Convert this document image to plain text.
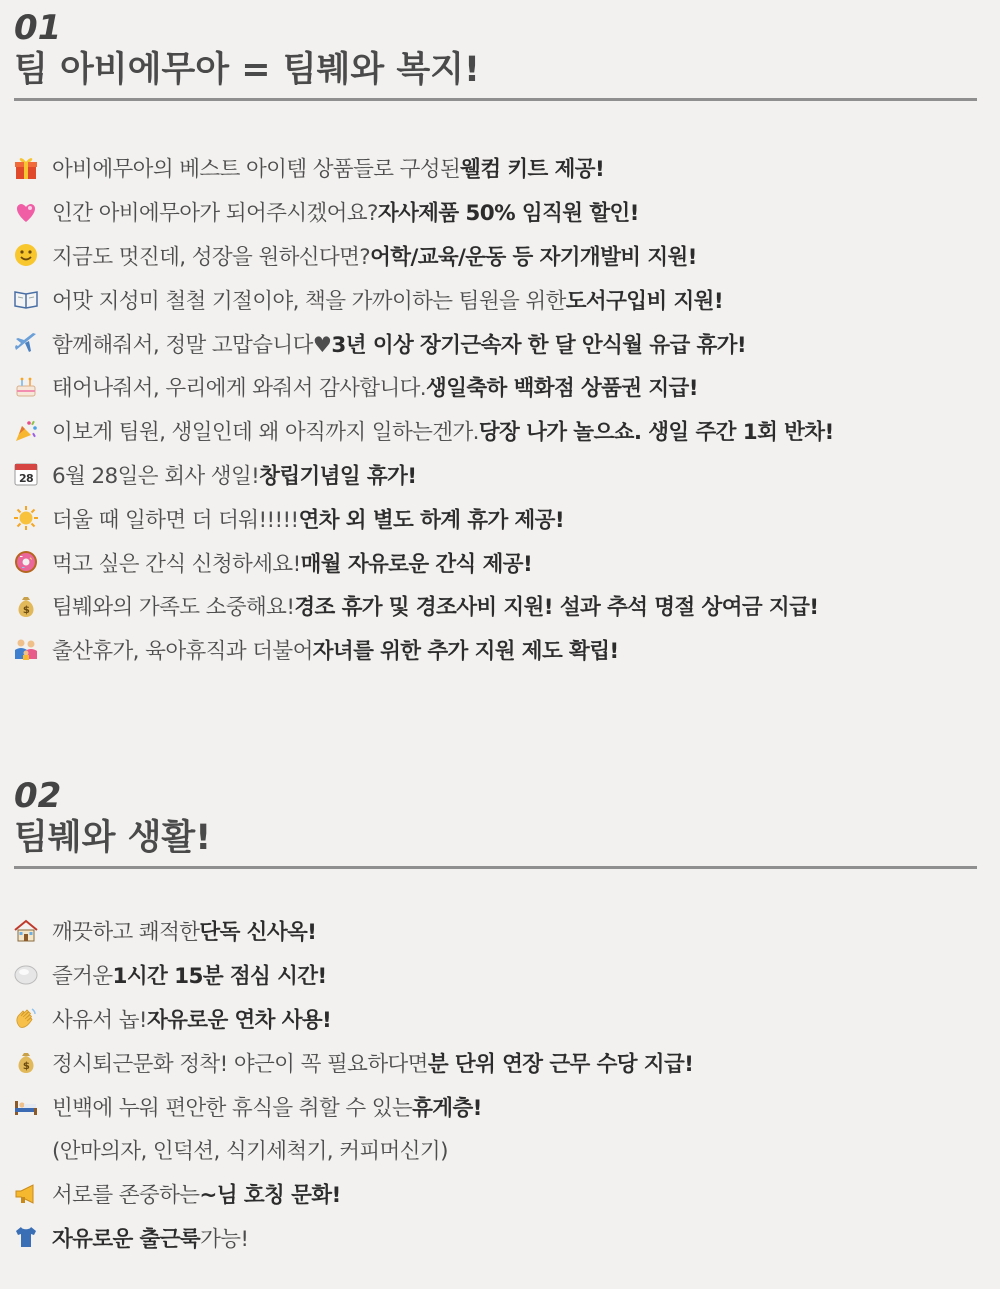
01

팀 아비에무아 = 팀붸와 복지!

아비에무아의 베스트 아이템 상품들로 구성된 웰컴 키트 제공!
인간 아비에무아가 되어주시겠어요? 자사제품 50% 임직원 할인!
지금도 멋진데, 성장을 원하신다면? 어학/교육/운동 등 자기개발비 지원!
어맛 지성미 철철 기절이야, 책을 가까이하는 팀원을 위한 도서구입비 지원!
함께해줘서, 정말 고맙습니다♥ 3년 이상 장기근속자 한 달 안식월 유급 휴가!
태어나줘서, 우리에게 와줘서 감사합니다. 생일축하 백화점 상품권 지급!
이보게 팀원, 생일인데 왜 아직까지 일하는겐가. 당장 나가 놀으쇼. 생일 주간 1회 반차!
28 6월 28일은 회사 생일! 창립기념일 휴가!
더울 때 일하면 더 더워!!!!! 연차 외 별도 하계 휴가 제공!
먹고 싶은 간식 신청하세요! 매월 자유로운 간식 제공!
$ 팀붸와의 가족도 소중해요! 경조 휴가 및 경조사비 지원! 설과 추석 명절 상여금 지급!
출산휴가, 육아휴직과 더불어 자녀를 위한 추가 지원 제도 확립!

02

팀붸와 생활!

깨끗하고 쾌적한 단독 신사옥!
즐거운 1시간 15분 점심 시간!
사유서 놉! 자유로운 연차 사용!
$ 정시퇴근문화 정착! 야근이 꼭 필요하다면 분 단위 연장 근무 수당 지급!
빈백에 누워 편안한 휴식을 취할 수 있는 휴게층!
(안마의자, 인덕션, 식기세척기, 커피머신기)
서로를 존중하는 ~님 호칭 문화!
자유로운 출근룩 가능!
